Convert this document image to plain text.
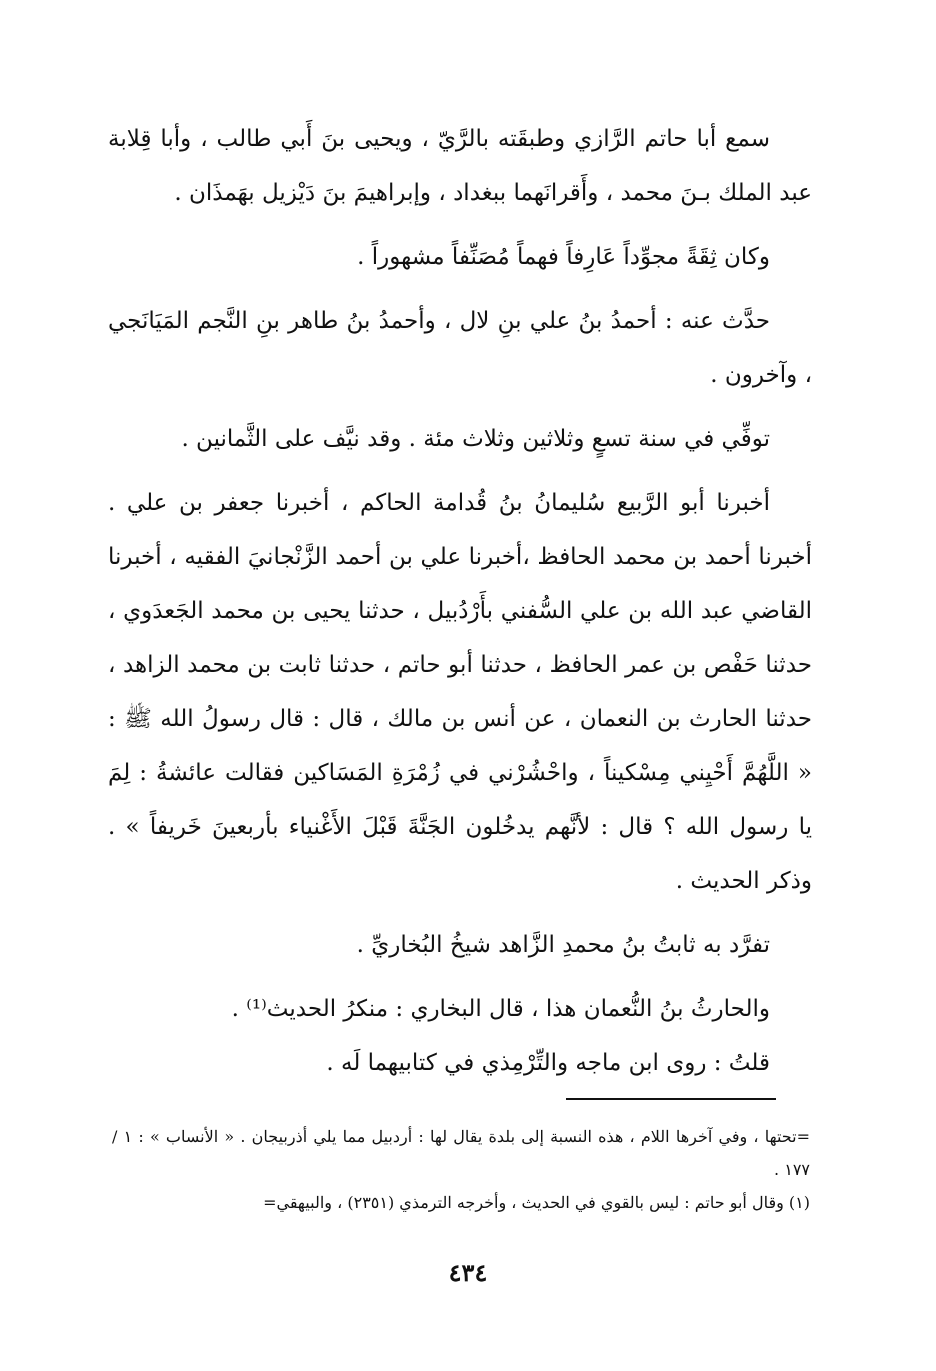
سمع أبا حاتم الرَّازي وطبقَته بالرَّيّ ، ويحيى بنَ أَبي طالب ، وأبا قِلابة عبد الملك بـنَ محمد ، وأَقرانَهما ببغداد ، وإبراهيمَ بنَ دَيْزيل بهَمذَان .

وكان ثِقَةً مجوِّداً عَارِفاً فهماً مُصَنِّفاً مشهوراً .

حدَّث عنه : أحمدُ بنُ علي بنِ لال ، وأحمدُ بنُ طاهر بنِ النَّجم المَيَانَجي ، وآخرون .

توفِّي في سنة تسعٍ وثلاثين وثلاث مئة . وقد نيَّف على الثَّمانين .

أخبرنا أبو الرَّبيع سُليمانُ بنُ قُدامة الحاكم ، أخبرنا جعفر بن علي . أخبرنا أحمد بن محمد الحافظ ،أخبرنا علي بن أحمد الزَّنْجانيَ الفقيه ، أخبرنا القاضي عبد الله بن علي السُّفني بأَرْدُبيل ، حدثنا يحيى بن محمد الجَعدَوي ، حدثنا حَفْص بن عمر الحافظ ، حدثنا أبو حاتم ، حدثنا ثابت بن محمد الزاهد ، حدثنا الحارث بن النعمان ، عن أنس بن مالك ، قال : قال رسولُ الله ﷺ : « اللَّهُمَّ أَحْيِني مِسْكيناً ، واحْشُرْني في زُمْرَةِ المَسَاكين فقالت عائشةُ : لِمَ يا رسول الله ؟ قال : لأنَّهم يدخُلون الجَنَّةَ قَبْلَ الأَغْنياء بأربعينَ خَريفاً » . وذكر الحديث .

تفرَّد به ثابتُ بنُ محمدِ الزَّاهد شيخُ البُخاريِّ .

والحارثُ بنُ النُّعمان هذا ، قال البخاري : منكرُ الحديث⁽¹⁾ .

قلتُ : روى ابن ماجه والتِّرْمِذي في كتابيهما لَه .

=تحتها ، وفي آخرها اللام ، هذه النسبة إلى بلدة يقال لها : أردبيل مما يلي أذربيجان . « الأنساب » : ١ / ١٧٧ .

(١) وقال أبو حاتم : ليس بالقوي في الحديث ، وأخرجه الترمذي (٢٣٥١) ، والبيهقي=

٤٣٤
